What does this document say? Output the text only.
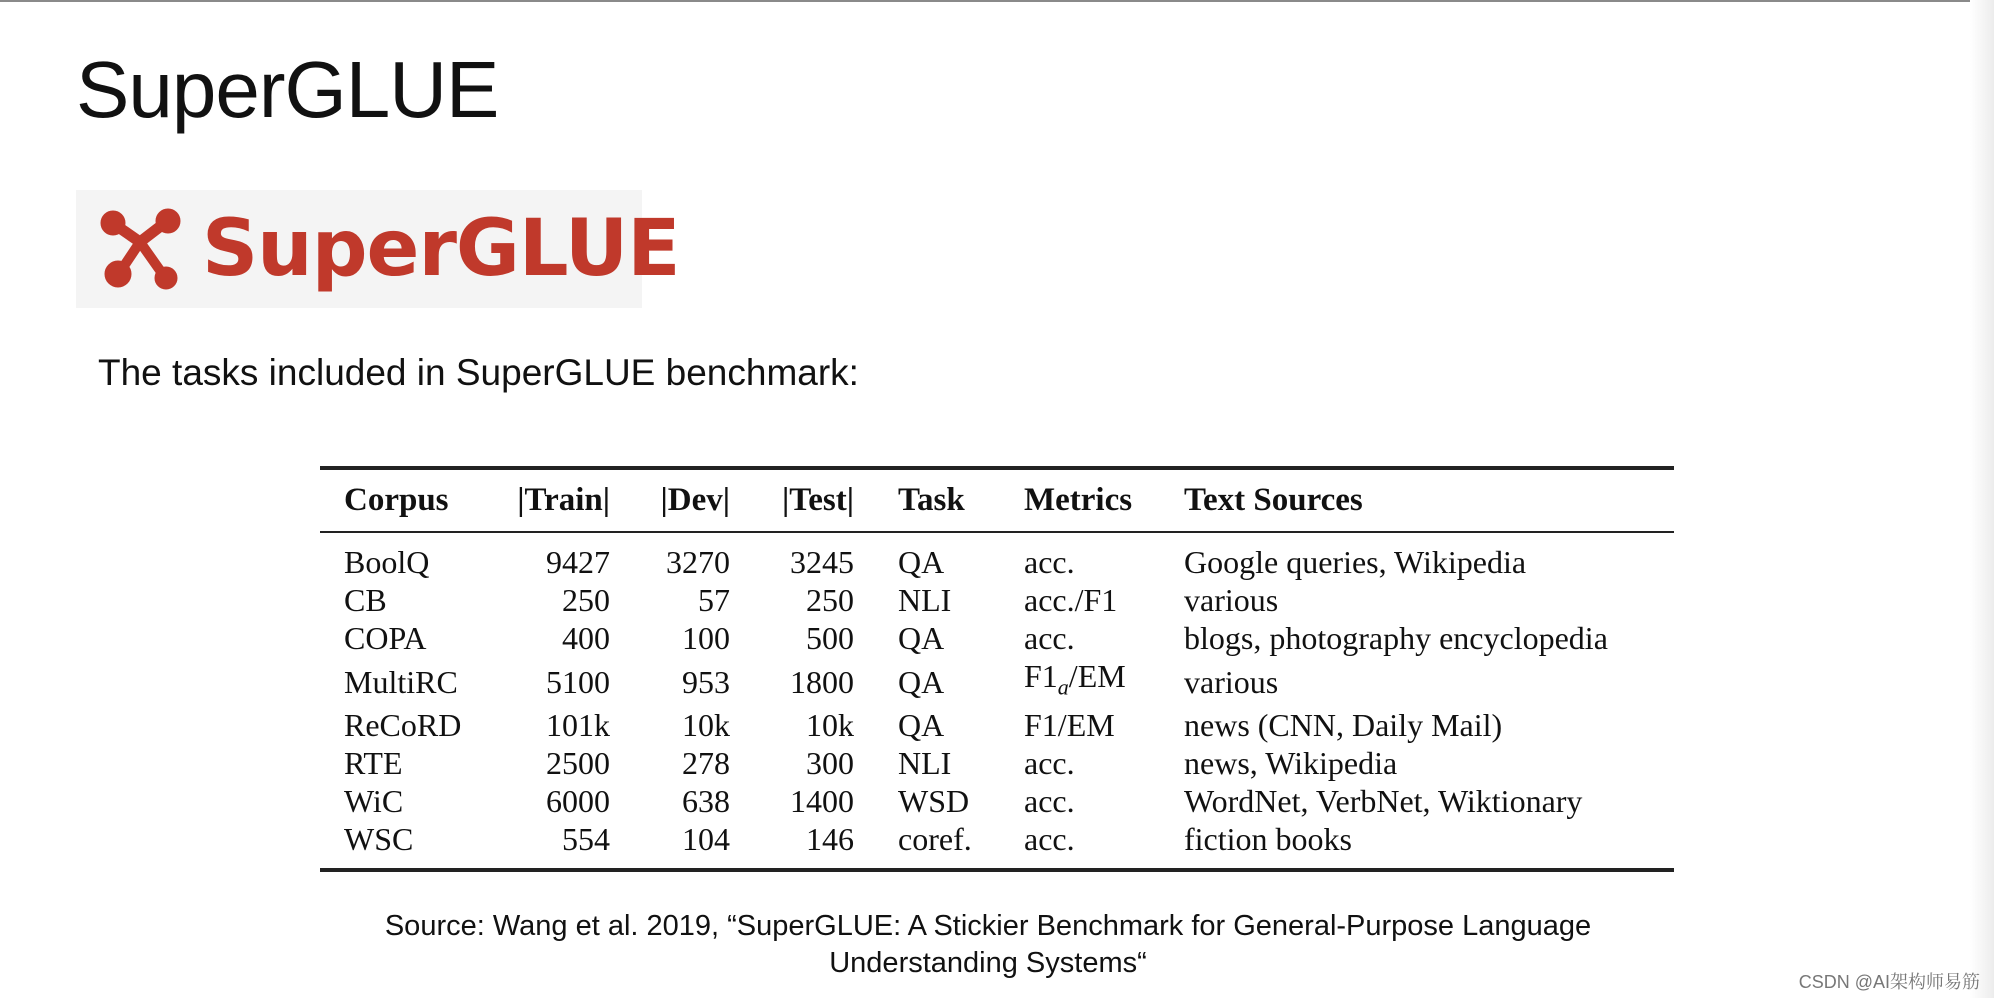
SuperGLUE
SuperGLUE
The tasks included in SuperGLUE benchmark:
Corpus	|Train|	|Dev|	|Test|	Task	Metrics	Text Sources
BoolQ	9427	3270	3245	QA	acc.	Google queries, Wikipedia
CB	250	57	250	NLI	acc./F1	various
COPA	400	100	500	QA	acc.	blogs, photography encyclopedia
MultiRC	5100	953	1800	QA	$F1_a/EM$	various
ReCoRD	101k	10k	10k	QA	F1/EM	news (CNN, Daily Mail)
RTE	2500	278	300	NLI	acc.	news, Wikipedia
WiC	6000	638	1400	WSD	acc.	WordNet, VerbNet, Wiktionary
WSC	554	104	146	coref.	acc.	fiction books
Source: Wang et al. 2019, “SuperGLUE: A Stickier Benchmark for General-Purpose Language Understanding Systems“
CSDN @AI架构师易筋
